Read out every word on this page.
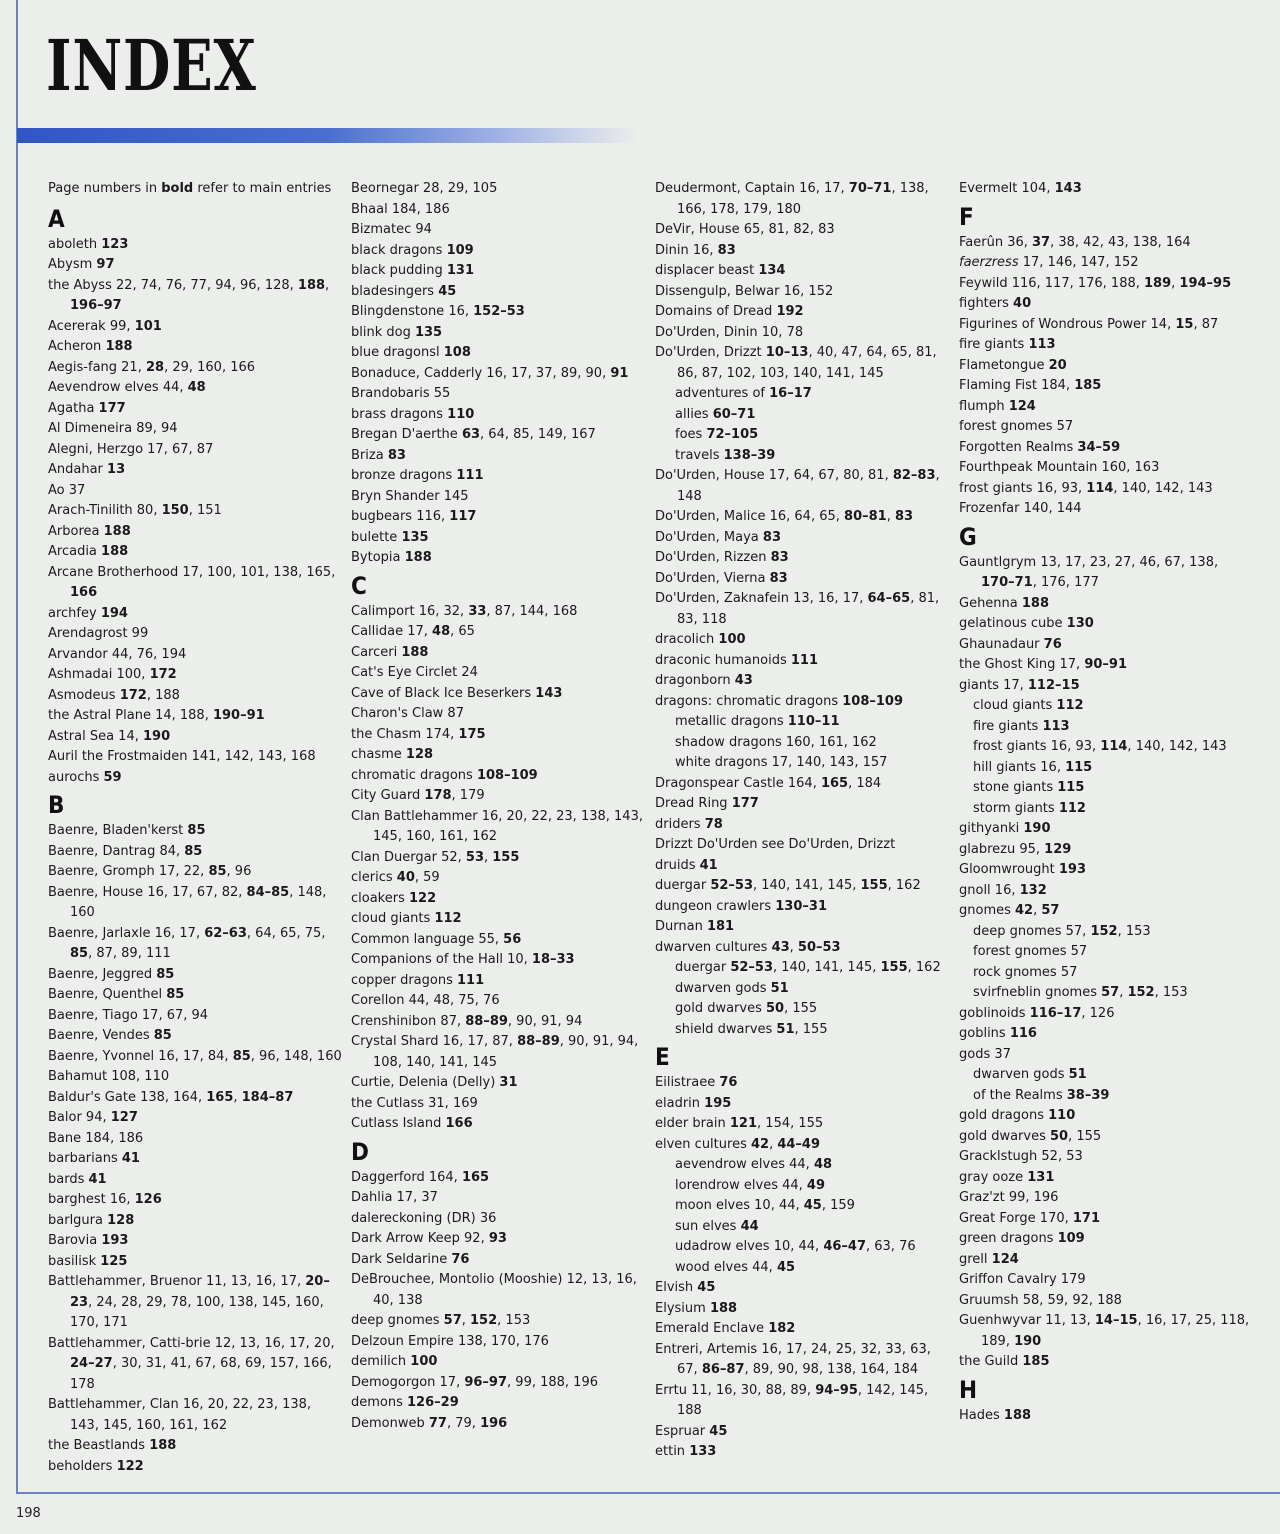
INDEX
Page numbers in bold refer to main entries
A
aboleth 123
Abysm 97
the Abyss 22, 74, 76, 77, 94, 96, 128, 188, 196–97
Acererak 99, 101
Acheron 188
Aegis-fang 21, 28, 29, 160, 166
Aevendrow elves 44, 48
Agatha 177
Al Dimeneira 89, 94
Alegni, Herzgo 17, 67, 87
Andahar 13
Ao 37
Arach-Tinilith 80, 150, 151
Arborea 188
Arcadia 188
Arcane Brotherhood 17, 100, 101, 138, 165, 166
archfey 194
Arendagrost 99
Arvandor 44, 76, 194
Ashmadai 100, 172
Asmodeus 172, 188
the Astral Plane 14, 188, 190–91
Astral Sea 14, 190
Auril the Frostmaiden 141, 142, 143, 168
aurochs 59
B
Baenre, Bladen'kerst 85
Baenre, Dantrag 84, 85
Baenre, Gromph 17, 22, 85, 96
Baenre, House 16, 17, 67, 82, 84–85, 148, 160
Baenre, Jarlaxle 16, 17, 62–63, 64, 65, 75, 85, 87, 89, 111
Baenre, Jeggred 85
Baenre, Quenthel 85
Baenre, Tiago 17, 67, 94
Baenre, Vendes 85
Baenre, Yvonnel 16, 17, 84, 85, 96, 148, 160
Bahamut 108, 110
Baldur's Gate 138, 164, 165, 184–87
Balor 94, 127
Bane 184, 186
barbarians 41
bards 41
barghest 16, 126
barlgura 128
Barovia 193
basilisk 125
Battlehammer, Bruenor 11, 13, 16, 17, 20–23, 24, 28, 29, 78, 100, 138, 145, 160, 170, 171
Battlehammer, Catti-brie 12, 13, 16, 17, 20, 24–27, 30, 31, 41, 67, 68, 69, 157, 166, 178
Battlehammer, Clan 16, 20, 22, 23, 138, 143, 145, 160, 161, 162
the Beastlands 188
beholders 122
Beornegar 28, 29, 105
Bhaal 184, 186
Bizmatec 94
black dragons 109
black pudding 131
bladesingers 45
Blingdenstone 16, 152–53
blink dog 135
blue dragonsl 108
Bonaduce, Cadderly 16, 17, 37, 89, 90, 91
Brandobaris 55
brass dragons 110
Bregan D'aerthe 63, 64, 85, 149, 167
Briza 83
bronze dragons 111
Bryn Shander 145
bugbears 116, 117
bulette 135
Bytopia 188
C
Calimport 16, 32, 33, 87, 144, 168
Callidae 17, 48, 65
Carceri 188
Cat's Eye Circlet 24
Cave of Black Ice Beserkers 143
Charon's Claw 87
the Chasm 174, 175
chasme 128
chromatic dragons 108–109
City Guard 178, 179
Clan Battlehammer 16, 20, 22, 23, 138, 143, 145, 160, 161, 162
Clan Duergar 52, 53, 155
clerics 40, 59
cloakers 122
cloud giants 112
Common language 55, 56
Companions of the Hall 10, 18–33
copper dragons 111
Corellon 44, 48, 75, 76
Crenshinibon 87, 88–89, 90, 91, 94
Crystal Shard 16, 17, 87, 88–89, 90, 91, 94, 108, 140, 141, 145
Curtie, Delenia (Delly) 31
the Cutlass 31, 169
Cutlass Island 166
D
Daggerford 164, 165
Dahlia 17, 37
dalereckoning (DR) 36
Dark Arrow Keep 92, 93
Dark Seldarine 76
DeBrouchee, Montolio (Mooshie) 12, 13, 16, 40, 138
deep gnomes 57, 152, 153
Delzoun Empire 138, 170, 176
demilich 100
Demogorgon 17, 96–97, 99, 188, 196
demons 126–29
Demonweb 77, 79, 196
Deudermont, Captain 16, 17, 70–71, 138, 166, 178, 179, 180
DeVir, House 65, 81, 82, 83
Dinin 16, 83
displacer beast 134
Dissengulp, Belwar 16, 152
Domains of Dread 192
Do'Urden, Dinin 10, 78
Do'Urden, Drizzt 10–13, 40, 47, 64, 65, 81, 86, 87, 102, 103, 140, 141, 145
adventures of 16–17
allies 60–71
foes 72–105
travels 138–39
Do'Urden, House 17, 64, 67, 80, 81, 82–83, 148
Do'Urden, Malice 16, 64, 65, 80–81, 83
Do'Urden, Maya 83
Do'Urden, Rizzen 83
Do'Urden, Vierna 83
Do'Urden, Zaknafein 13, 16, 17, 64–65, 81, 83, 118
dracolich 100
draconic humanoids 111
dragonborn 43
dragons: chromatic dragons 108–109
metallic dragons 110–11
shadow dragons 160, 161, 162
white dragons 17, 140, 143, 157
Dragonspear Castle 164, 165, 184
Dread Ring 177
driders 78
Drizzt Do'Urden see Do'Urden, Drizzt
druids 41
duergar 52–53, 140, 141, 145, 155, 162
dungeon crawlers 130–31
Durnan 181
dwarven cultures 43, 50–53
duergar 52–53, 140, 141, 145, 155, 162
dwarven gods 51
gold dwarves 50, 155
shield dwarves 51, 155
E
Eilistraee 76
eladrin 195
elder brain 121, 154, 155
elven cultures 42, 44–49
aevendrow elves 44, 48
lorendrow elves 44, 49
moon elves 10, 44, 45, 159
sun elves 44
udadrow elves 10, 44, 46–47, 63, 76
wood elves 44, 45
Elvish 45
Elysium 188
Emerald Enclave 182
Entreri, Artemis 16, 17, 24, 25, 32, 33, 63, 67, 86–87, 89, 90, 98, 138, 164, 184
Errtu 11, 16, 30, 88, 89, 94–95, 142, 145, 188
Espruar 45
ettin 133
Evermelt 104, 143
F
Faerûn 36, 37, 38, 42, 43, 138, 164
faerzress 17, 146, 147, 152
Feywild 116, 117, 176, 188, 189, 194–95
fighters 40
Figurines of Wondrous Power 14, 15, 87
fire giants 113
Flametongue 20
Flaming Fist 184, 185
flumph 124
forest gnomes 57
Forgotten Realms 34–59
Fourthpeak Mountain 160, 163
frost giants 16, 93, 114, 140, 142, 143
Frozenfar 140, 144
G
Gauntlgrym 13, 17, 23, 27, 46, 67, 138, 170–71, 176, 177
Gehenna 188
gelatinous cube 130
Ghaunadaur 76
the Ghost King 17, 90–91
giants 17, 112–15
cloud giants 112
fire giants 113
frost giants 16, 93, 114, 140, 142, 143
hill giants 16, 115
stone giants 115
storm giants 112
githyanki 190
glabrezu 95, 129
Gloomwrought 193
gnoll 16, 132
gnomes 42, 57
deep gnomes 57, 152, 153
forest gnomes 57
rock gnomes 57
svirfneblin gnomes 57, 152, 153
goblinoids 116–17, 126
goblins 116
gods 37
dwarven gods 51
of the Realms 38–39
gold dragons 110
gold dwarves 50, 155
Gracklstugh 52, 53
gray ooze 131
Graz'zt 99, 196
Great Forge 170, 171
green dragons 109
grell 124
Griffon Cavalry 179
Gruumsh 58, 59, 92, 188
Guenhwyvar 11, 13, 14–15, 16, 17, 25, 118, 189, 190
the Guild 185
H
Hades 188
198
